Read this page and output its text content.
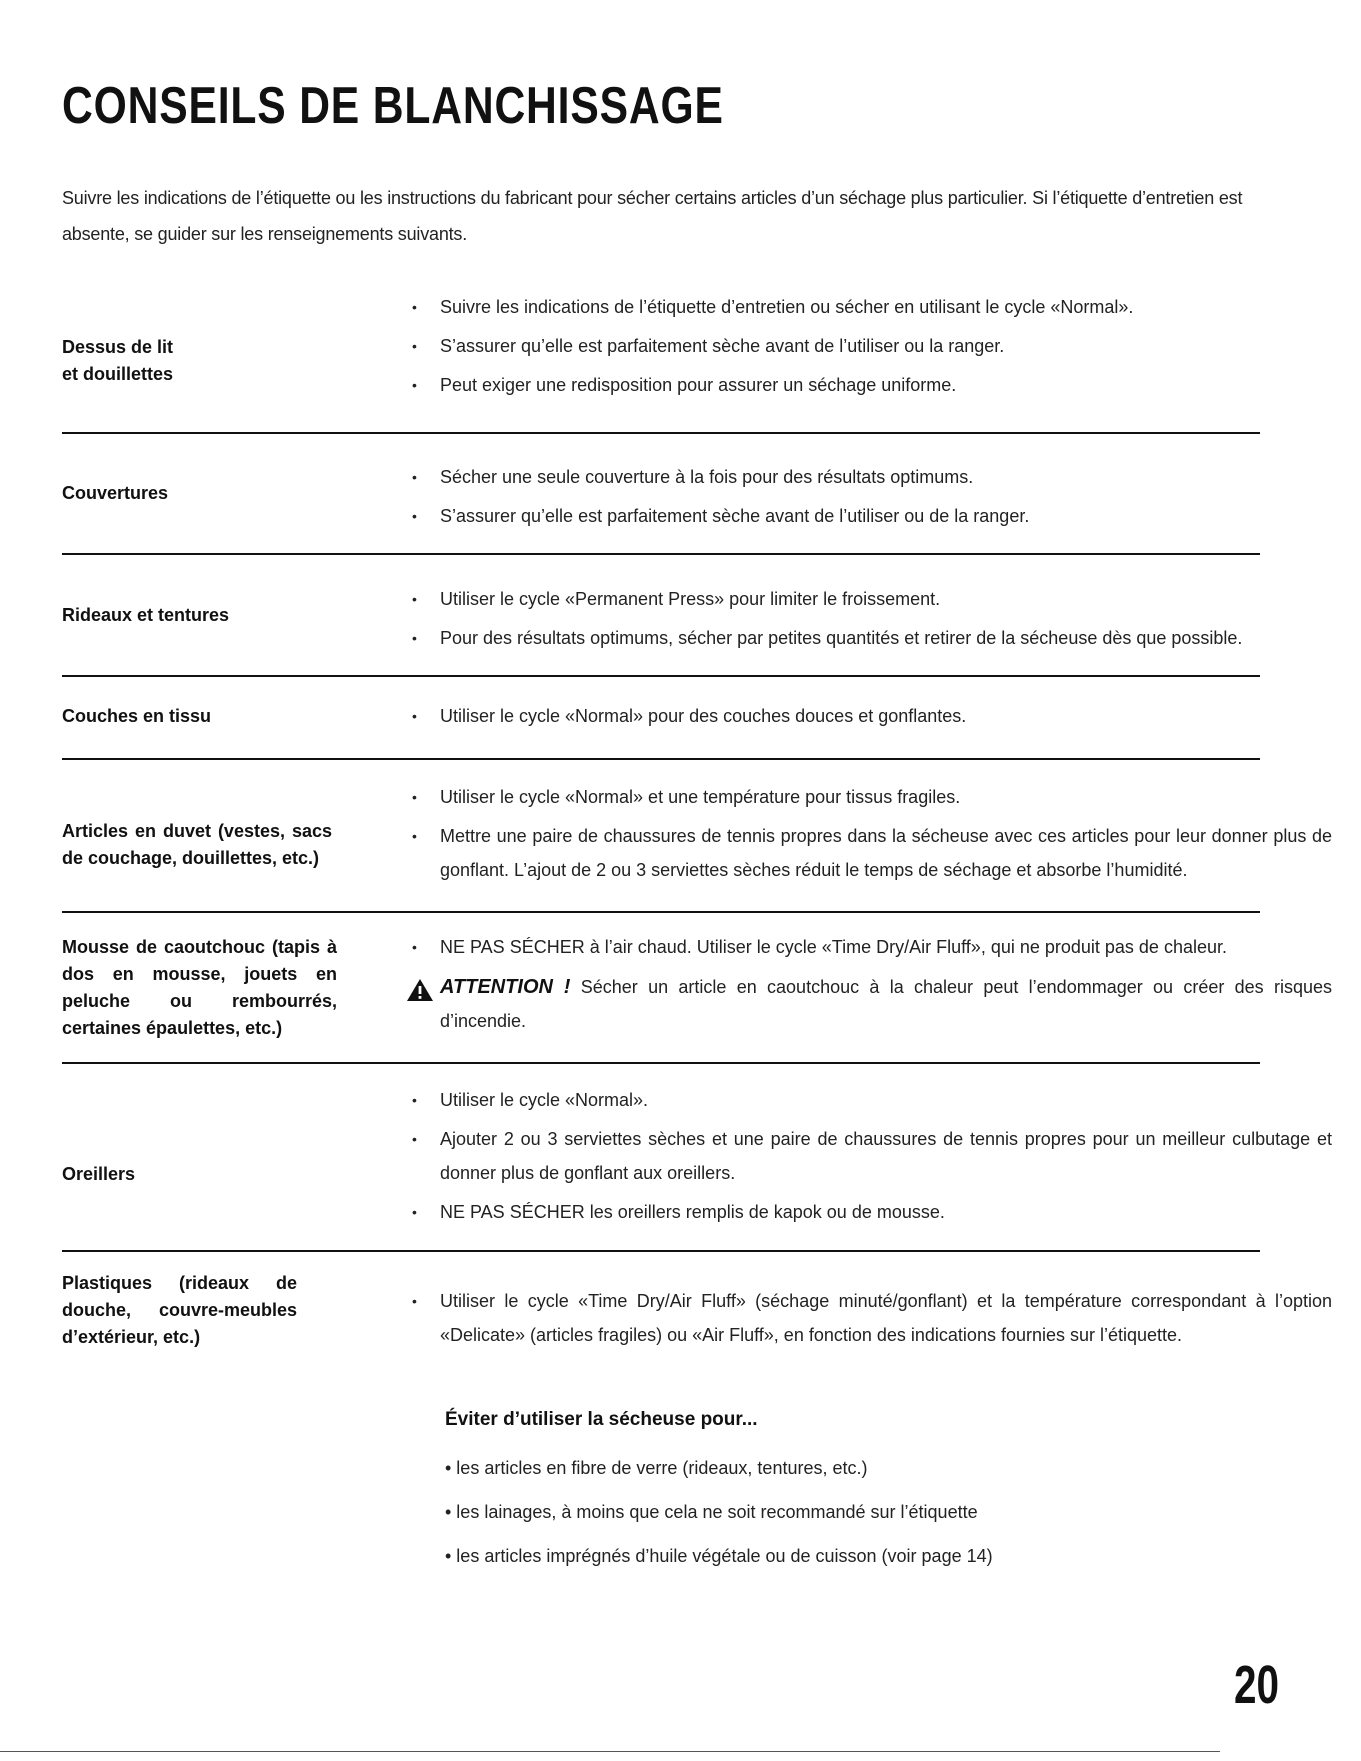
CONSEILS DE BLANCHISSAGE

Suivre les indications de l’étiquette ou les instructions du fabricant pour sécher certains articles d’un séchage plus particulier. Si l’étiquette d’entretien est absente, se guider sur les renseignements suivants.

Dessus de lit
et douillettes
•	Suivre les indications de l’étiquette d’entretien ou sécher en utilisant le cycle «Normal».
•	S’assurer qu’elle est parfaitement sèche avant de l’utiliser ou la ranger.
•	Peut exiger une redisposition pour assurer un séchage uniforme.
Couvertures
•	Sécher une seule couverture à la fois pour des résultats optimums.
•	S’assurer qu’elle est parfaitement sèche avant de l’utiliser ou de la ranger.
Rideaux et tentures
•	Utiliser le cycle «Permanent Press» pour limiter le froissement.
•	Pour des résultats optimums, sécher par petites quantités et retirer de la sécheuse dès que possible.
Couches en tissu	•	Utiliser le cycle «Normal» pour des couches douces et gonflantes.
Articles en duvet (vestes, sacs de couchage, douillettes, etc.)
•	Utiliser le cycle «Normal» et une température pour tissus fragiles.
•	Mettre une paire de chaussures de tennis propres dans la sécheuse avec ces articles pour leur donner plus de gonflant. L’ajout de 2 ou 3 serviettes sèches réduit le temps de séchage et absorbe l’humidité.
Mousse de caoutchouc (tapis à dos en mousse, jouets en peluche ou rembourrés, certaines épaulettes, etc.)
•	NE PAS SÉCHER à l’air chaud. Utiliser le cycle «Time Dry/Air Fluff», qui ne produit pas de chaleur.
ATTENTION ! Sécher un article en caoutchouc à la chaleur peut l’endommager ou créer des risques d’incendie.
Oreillers
•	Utiliser le cycle «Normal».
•	Ajouter 2 ou 3 serviettes sèches et une paire de chaussures de tennis propres pour un meilleur culbutage et donner plus de gonflant aux oreillers.
•	NE PAS SÉCHER les oreillers remplis de kapok ou de mousse.
Plastiques (rideaux de douche, couvre-meubles d’extérieur, etc.)
•	Utiliser le cycle «Time Dry/Air Fluff» (séchage minuté/gonflant) et la température correspondant à l’option «Delicate» (articles fragiles) ou «Air Fluff», en fonction des indications fournies sur l’étiquette.
Éviter d’utiliser la sécheuse pour...
• les articles en fibre de verre (rideaux, tentures, etc.)
• les lainages, à moins que cela ne soit recommandé sur l’étiquette
• les articles imprégnés d’huile végétale ou de cuisson (voir page 14)
20
